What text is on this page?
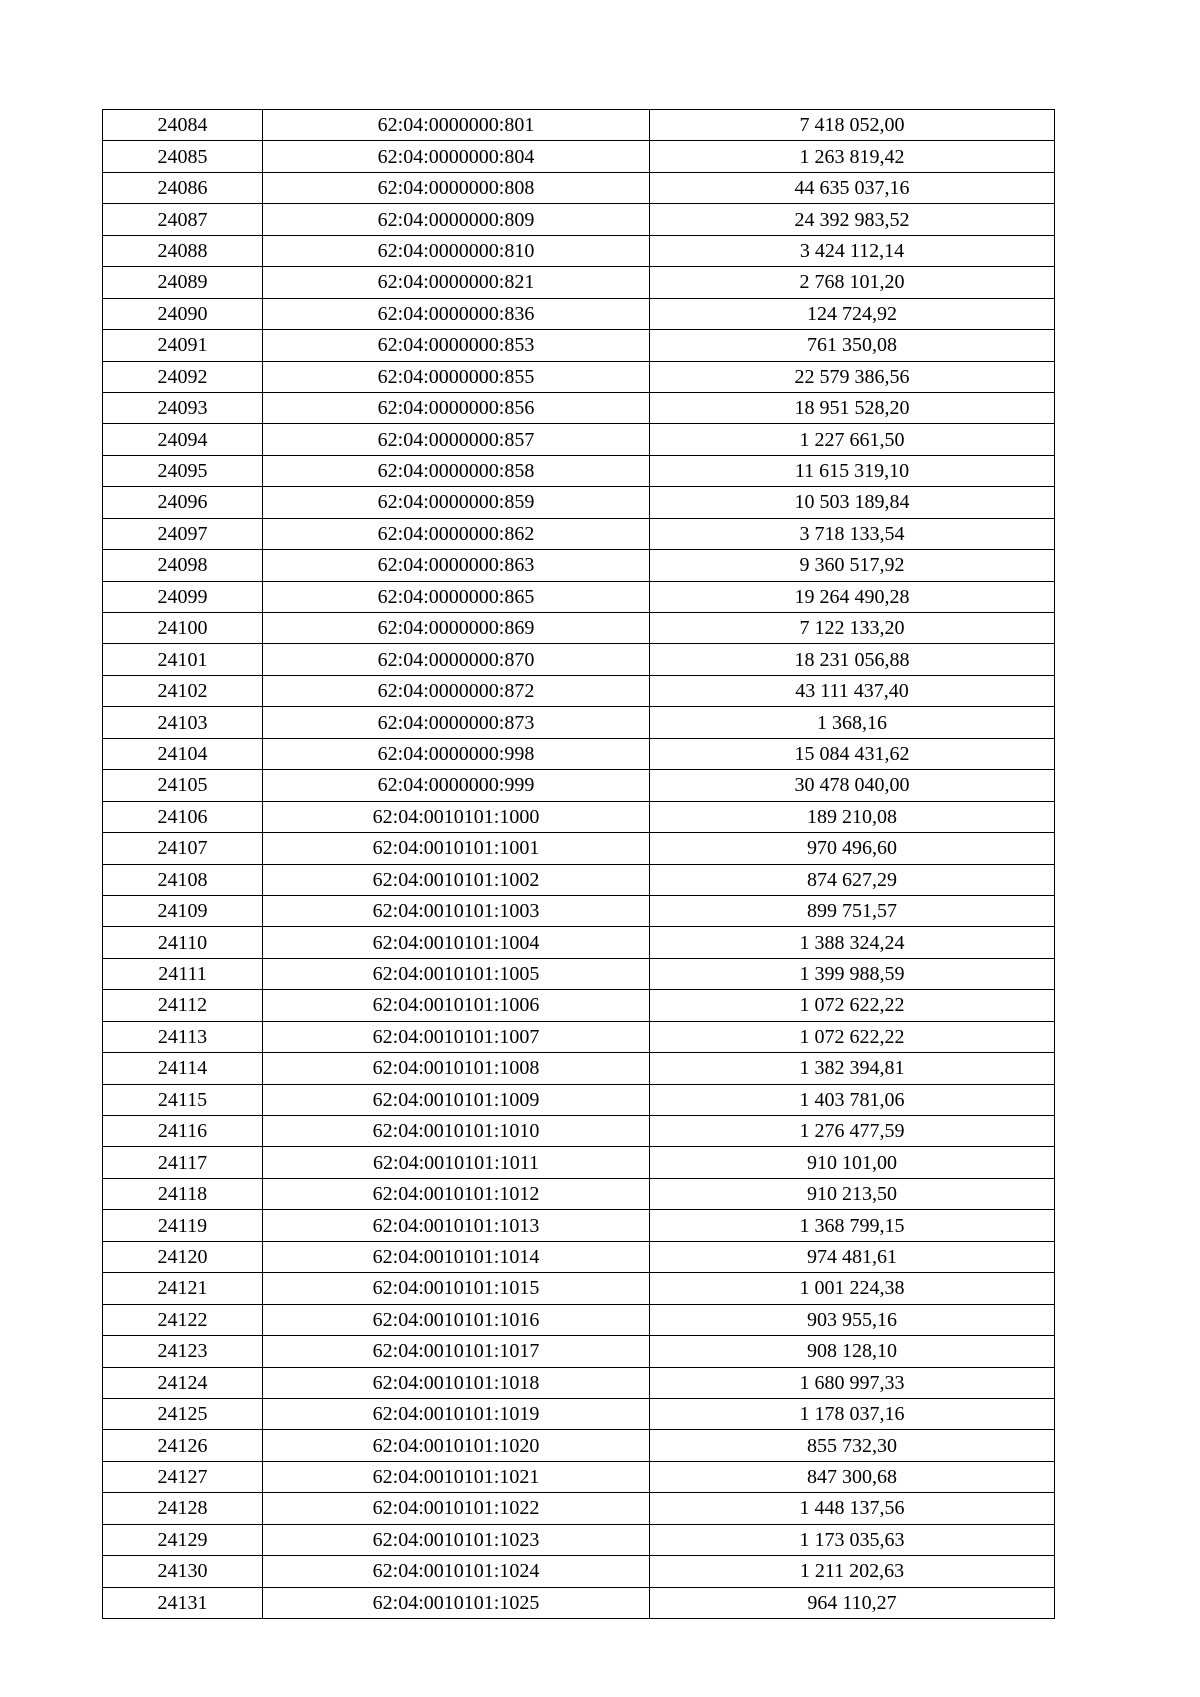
24084	62:04:0000000:801	7 418 052,00
24085	62:04:0000000:804	1 263 819,42
24086	62:04:0000000:808	44 635 037,16
24087	62:04:0000000:809	24 392 983,52
24088	62:04:0000000:810	3 424 112,14
24089	62:04:0000000:821	2 768 101,20
24090	62:04:0000000:836	124 724,92
24091	62:04:0000000:853	761 350,08
24092	62:04:0000000:855	22 579 386,56
24093	62:04:0000000:856	18 951 528,20
24094	62:04:0000000:857	1 227 661,50
24095	62:04:0000000:858	11 615 319,10
24096	62:04:0000000:859	10 503 189,84
24097	62:04:0000000:862	3 718 133,54
24098	62:04:0000000:863	9 360 517,92
24099	62:04:0000000:865	19 264 490,28
24100	62:04:0000000:869	7 122 133,20
24101	62:04:0000000:870	18 231 056,88
24102	62:04:0000000:872	43 111 437,40
24103	62:04:0000000:873	1 368,16
24104	62:04:0000000:998	15 084 431,62
24105	62:04:0000000:999	30 478 040,00
24106	62:04:0010101:1000	189 210,08
24107	62:04:0010101:1001	970 496,60
24108	62:04:0010101:1002	874 627,29
24109	62:04:0010101:1003	899 751,57
24110	62:04:0010101:1004	1 388 324,24
24111	62:04:0010101:1005	1 399 988,59
24112	62:04:0010101:1006	1 072 622,22
24113	62:04:0010101:1007	1 072 622,22
24114	62:04:0010101:1008	1 382 394,81
24115	62:04:0010101:1009	1 403 781,06
24116	62:04:0010101:1010	1 276 477,59
24117	62:04:0010101:1011	910 101,00
24118	62:04:0010101:1012	910 213,50
24119	62:04:0010101:1013	1 368 799,15
24120	62:04:0010101:1014	974 481,61
24121	62:04:0010101:1015	1 001 224,38
24122	62:04:0010101:1016	903 955,16
24123	62:04:0010101:1017	908 128,10
24124	62:04:0010101:1018	1 680 997,33
24125	62:04:0010101:1019	1 178 037,16
24126	62:04:0010101:1020	855 732,30
24127	62:04:0010101:1021	847 300,68
24128	62:04:0010101:1022	1 448 137,56
24129	62:04:0010101:1023	1 173 035,63
24130	62:04:0010101:1024	1 211 202,63
24131	62:04:0010101:1025	964 110,27
